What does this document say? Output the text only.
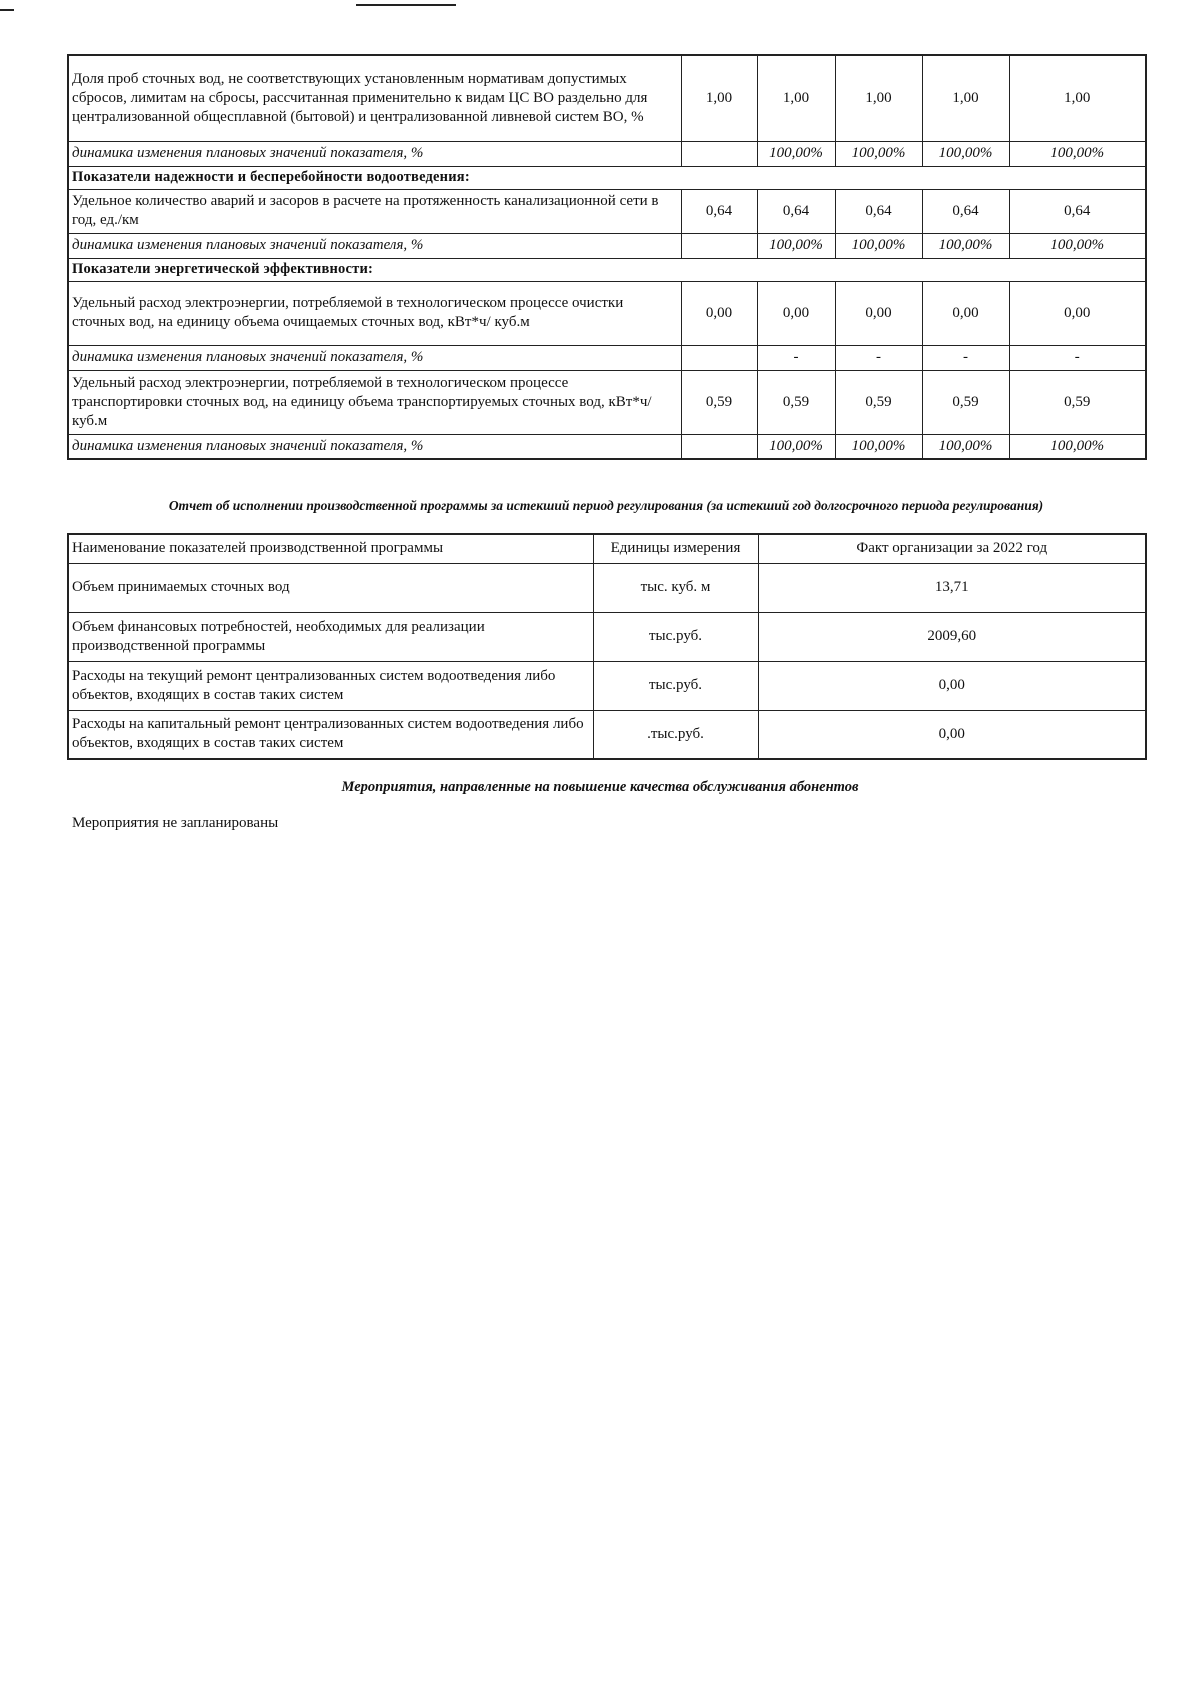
Доля проб сточных вод, не соответствующих установленным нормативам допустимых сбросов, лимитам на сбросы, рассчитанная применительно к видам ЦС ВО раздельно для централизованной общесплавной (бытовой) и централизованной ливневой систем ВО, %	1,00	1,00	1,00	1,00	1,00
динамика изменения плановых значений показателя, %		100,00%	100,00%	100,00%	100,00%
Показатели надежности и бесперебойности водоотведения:					
Удельное количество аварий и засоров в расчете на протяженность канализационной сети в год, ед./км	0,64	0,64	0,64	0,64	0,64
динамика изменения плановых значений показателя, %		100,00%	100,00%	100,00%	100,00%
Показатели энергетической эффективности:					
Удельный расход электроэнергии, потребляемой в технологическом процессе очистки сточных вод, на единицу объема очищаемых сточных вод, кВт*ч/ куб.м	0,00	0,00	0,00	0,00	0,00
динамика изменения плановых значений показателя, %		-	-	-	-
Удельный расход электроэнергии, потребляемой в технологическом процессе транспортировки сточных вод, на единицу объема транспортируемых сточных вод, кВт*ч/ куб.м	0,59	0,59	0,59	0,59	0,59
динамика изменения плановых значений показателя, %		100,00%	100,00%	100,00%	100,00%
Отчет об исполнении производственной программы за истекший период регулирования (за истекший год долгосрочного периода регулирования)
Наименование показателей производственной программы	Единицы измерения	Факт организации за 2022 год
Объем принимаемых сточных вод	тыс. куб. м	13,71
Объем финансовых потребностей, необходимых для реализации производственной программы	тыс.руб.	2009,60
Расходы на текущий ремонт централизованных систем водоотведения либо объектов, входящих в состав таких систем	тыс.руб.	0,00
Расходы на капитальный ремонт централизованных систем водоотведения либо объектов, входящих в состав таких систем	.тыс.руб.	0,00
Мероприятия, направленные на повышение качества обслуживания абонентов
Мероприятия не запланированы
